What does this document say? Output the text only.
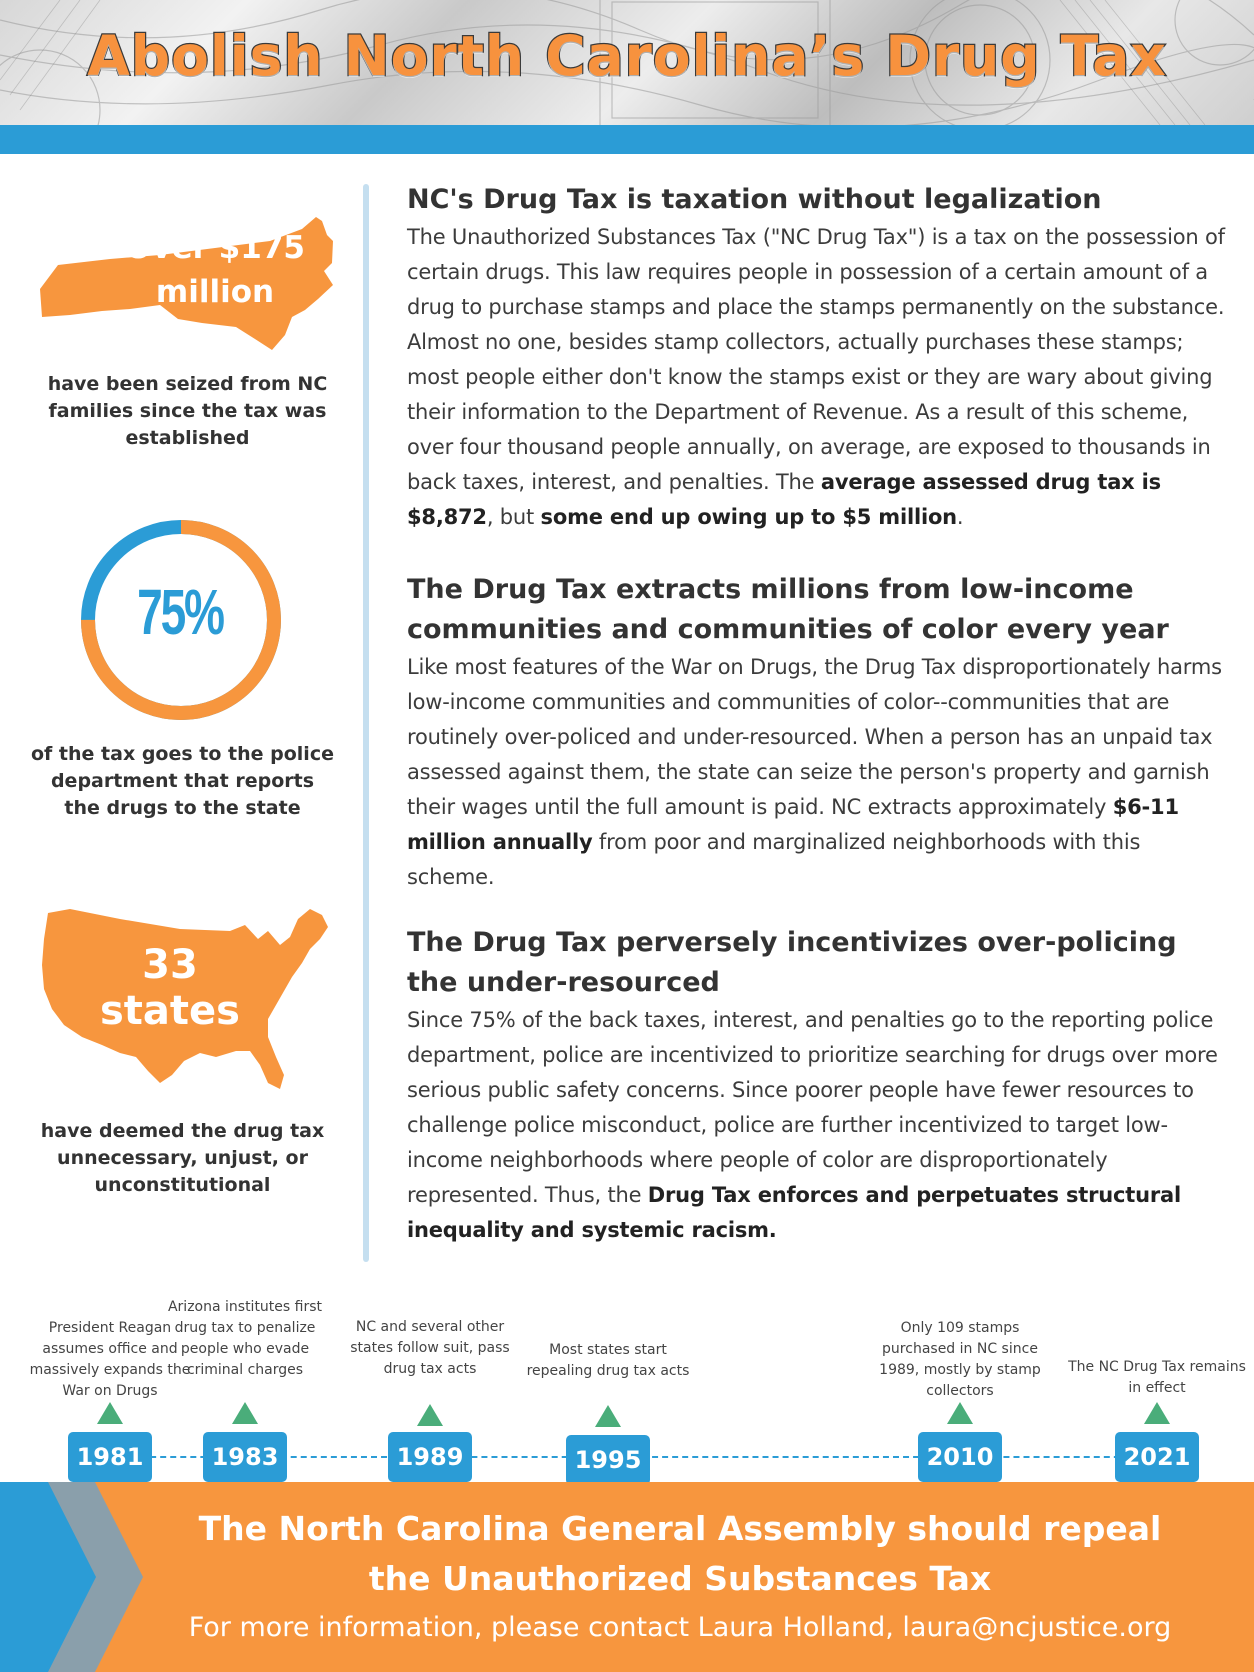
Abolish North Carolina’s Drug Tax
Over $175
million
have been seized from NC families since the tax was established
75%
of the tax goes to the police department that reports the drugs to the state
33
states
have deemed the drug tax unnecessary, unjust, or unconstitutional
NC's Drug Tax is taxation without legalization

The Unauthorized Substances Tax ("NC Drug Tax") is a tax on the possession of certain drugs. This law requires people in possession of a certain amount of a drug to purchase stamps and place the stamps permanently on the substance. Almost no one, besides stamp collectors, actually purchases these stamps; most people either don't know the stamps exist or they are wary about giving their information to the Department of Revenue. As a result of this scheme, over four thousand people annually, on average, are exposed to thousands in back taxes, interest, and penalties. The average assessed drug tax is $8,872, but some end up owing up to $5 million.

The Drug Tax extracts millions from low-income communities and communities of color every year

Like most features of the War on Drugs, the Drug Tax disproportionately harms low-income communities and communities of color--communities that are routinely over-policed and under-resourced. When a person has an unpaid tax assessed against them, the state can seize the person's property and garnish their wages until the full amount is paid. NC extracts approximately $6-11 million annually from poor and marginalized neighborhoods with this scheme.

The Drug Tax perversely incentivizes over-policing the under-resourced

Since 75% of the back taxes, interest, and penalties go to the reporting police department, police are incentivized to prioritize searching for drugs over more serious public safety concerns. Since poorer people have fewer resources to challenge police misconduct, police are further incentivized to target low-income neighborhoods where people of color are disproportionately represented. Thus, the Drug Tax enforces and perpetuates structural inequality and systemic racism.

President Reagan assumes office and massively expands the War on Drugs
1981
Arizona institutes first drug tax to penalize people who evade criminal charges
1983
NC and several other states follow suit, pass drug tax acts
1989
Most states start repealing drug tax acts
1995
Only 109 stamps purchased in NC since 1989, mostly by stamp collectors
2010
The NC Drug Tax remains in effect
2021
The North Carolina General Assembly should repeal the Unauthorized Substances Tax
For more information, please contact Laura Holland, laura@ncjustice.org
